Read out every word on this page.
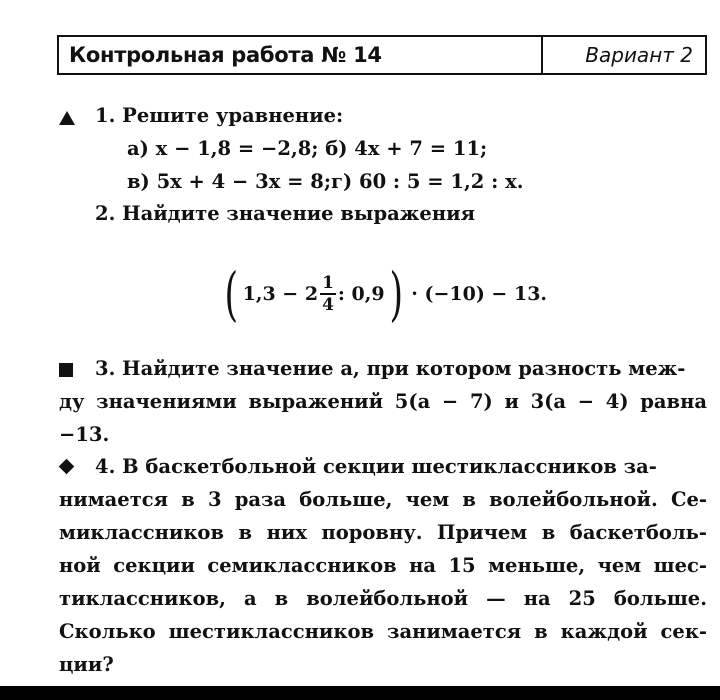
Контрольная работа № 14	Вариант 2
1. Решите уравнение:
а) x − 1,8 = −2,8; б) 4x + 7 = 11;
в) 5x + 4 − 3x = 8;г) 60 : 5 = 1,2 : x.
2. Найдите значение выражения
( $1,3 - 2 \frac{1}{4}$ : 0,9 ) · (−10) − 13.
3. Найдите значение a, при котором разность меж-
ду значениями выражений 5(a − 7) и 3(a − 4) равна
−13.
4. В баскетбольной секции шестиклассников за-
нимается в 3 раза больше, чем в волейбольной. Се-
миклассников в них поровну. Причем в баскетболь-
ной секции семиклассников на 15 меньше, чем шес-
тиклассников, а в волейбольной — на 25 больше.
Сколько шестиклассников занимается в каждой сек-
ции?
